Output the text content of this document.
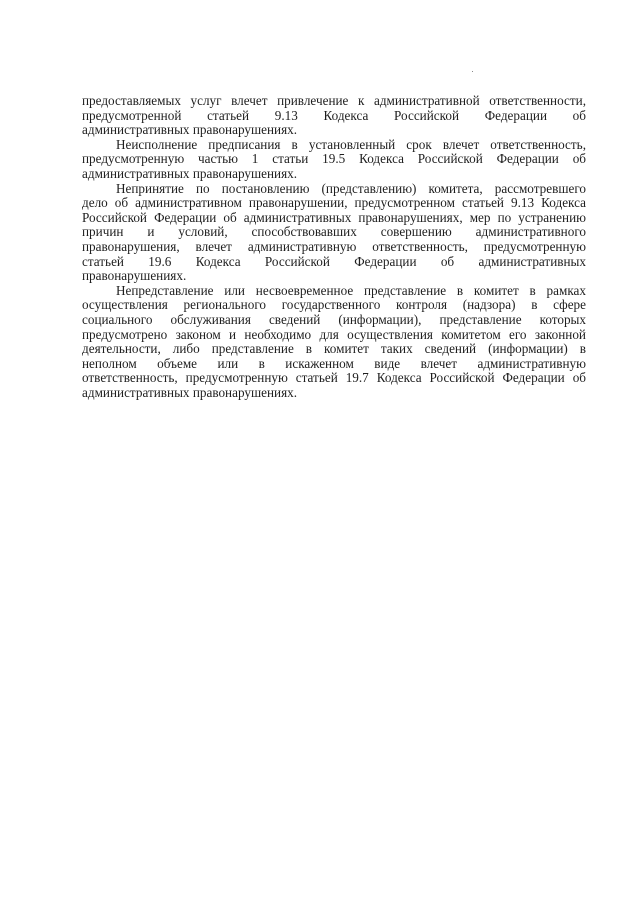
предоставляемых услуг влечет привлечение к административной ответственности,
предусмотренной статьей 9.13 Кодекса Российской Федерации об
административных правонарушениях.

Неисполнение предписания в установленный срок влечет ответственность,
предусмотренную частью 1 статьи 19.5 Кодекса Российской Федерации об
административных правонарушениях.

Непринятие по постановлению (представлению) комитета, рассмотревшего
дело об административном правонарушении, предусмотренном статьей 9.13 Кодекса
Российской Федерации об административных правонарушениях, мер по устранению
причин и условий, способствовавших совершению административного
правонарушения, влечет административную ответственность, предусмотренную
статьей 19.6 Кодекса Российской Федерации об административных
правонарушениях.

Непредставление или несвоевременное представление в комитет в рамках
осуществления регионального государственного контроля (надзора) в сфере
социального обслуживания сведений (информации), представление которых
предусмотрено законом и необходимо для осуществления комитетом его законной
деятельности, либо представление в комитет таких сведений (информации) в
неполном объеме или в искаженном виде влечет административную
ответственность, предусмотренную статьей 19.7 Кодекса Российской Федерации об
административных правонарушениях.
